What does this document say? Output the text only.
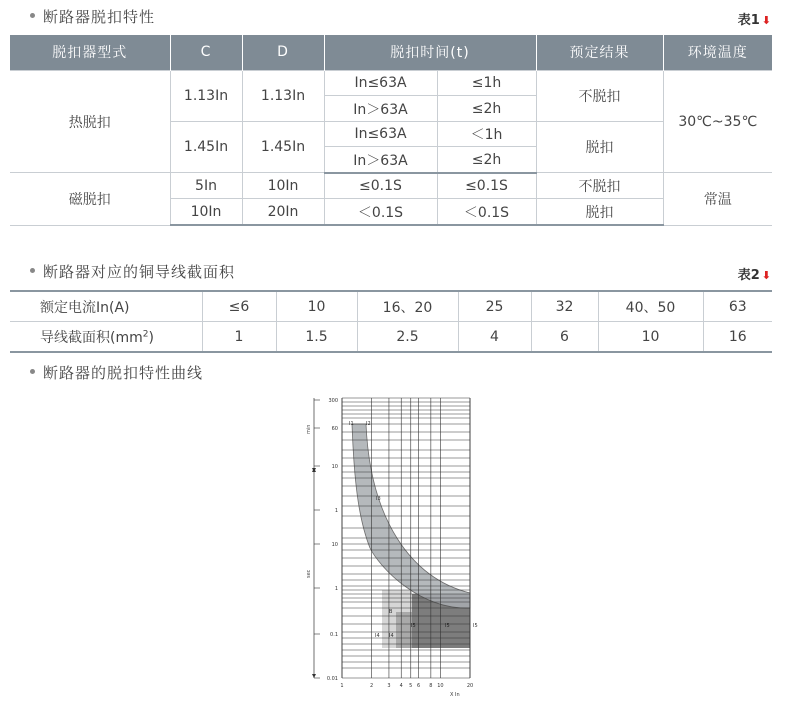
断路器脱扣特性	表1 ⬇
脱扣器型式	C	D	脱扣时间(t)		预定结果	环境温度
热脱扣	1.13In	1.13In	In≤63A	≤1h	不脱扣	30℃~35℃
			In＞63A	≤2h		
	1.45In	1.45In	In≤63A	＜1h	脱扣	
			In＞63A	≤2h		
磁脱扣	5In	10In	≤0.1S	≤0.1S	不脱扣	常温
	10In	20In	＜0.1S	＜0.1S	脱扣	
断路器对应的铜导线截面积	表2 ⬇
额定电流In(A)	≤6	10	16、20	25	32	40、50	63
导线截面积$(mm^2)$	1	1.5	2.5	4	6	10	16
断路器的脱扣特性曲线
300
60
10
1
10
1
0.1
0.01
1	2	3 4 5 6 8 10	20
min
sec
I1 I2
I3
I4 I4
B
I5	I5	I5
X In
